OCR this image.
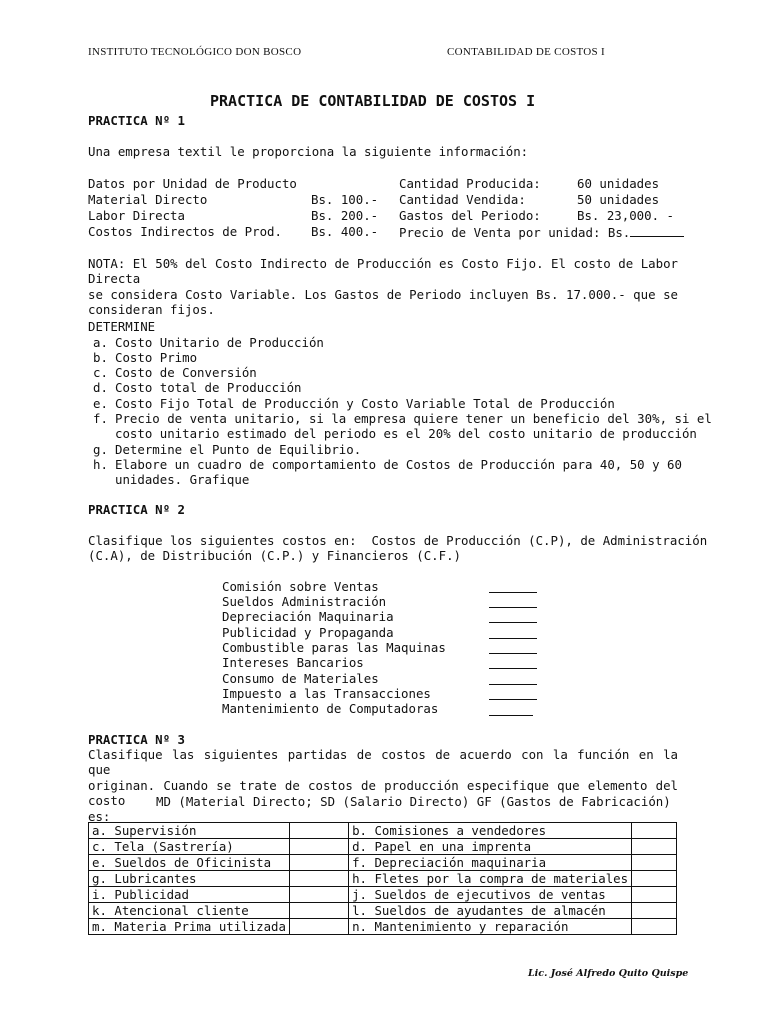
INSTITUTO TECNOLÓGICO DON BOSCO	CONTABILIDAD DE COSTOS I
PRACTICA DE CONTABILIDAD DE COSTOS I
PRACTICA Nº 1
Una empresa textil le proporciona la siguiente información:
Datos por Unidad de Producto	Cantidad Producida:	60 unidades
Material Directo	Bs. 100.- Cantidad Vendida:	50 unidades
Labor Directa	Bs. 200.- Gastos del Periodo:	Bs. 23,000. -
Costos Indirectos de Prod. Bs. 400.- Precio de Venta por unidad: Bs.
NOTA: El 50% del Costo Indirecto de Producción es Costo Fijo. El costo de Labor Directa
se considera Costo Variable. Los Gastos de Periodo incluyen Bs. 17.000.- que se
consideran fijos.
DETERMINE
a. Costo Unitario de Producción
b. Costo Primo
c. Costo de Conversión
d. Costo total de Producción
e. Costo Fijo Total de Producción y Costo Variable Total de Producción
f. Precio de venta unitario, si la empresa quiere tener un beneficio del 30%, si el
costo unitario estimado del periodo es el 20% del costo unitario de producción
g. Determine el Punto de Equilibrio.
h. Elabore un cuadro de comportamiento de Costos de Producción para 40, 50 y 60
unidades. Grafique
PRACTICA Nº 2
Clasifique los siguientes costos en:  Costos de Producción (C.P), de Administración
(C.A), de Distribución (C.P.) y Financieros (C.F.)
Comisión sobre Ventas
Sueldos Administración
Depreciación Maquinaria
Publicidad y Propaganda
Combustible paras las Maquinas
Intereses Bancarios
Consumo de Materiales
Impuesto a las Transacciones
Mantenimiento de Computadoras
PRACTICA Nº 3
Clasifique las siguientes partidas de costos de acuerdo con la función en la que
originan. Cuando se trate de costos de producción especifique que elemento del costo
es:
MD (Material Directo; SD (Salario Directo) GF (Gastos de Fabricación)
a. Supervisión		b. Comisiones a vendedores	
c. Tela (Sastrería)		d. Papel en una imprenta	
e. Sueldos de Oficinista		f. Depreciación maquinaria	
g. Lubricantes		h. Fletes por la compra de materiales	
i. Publicidad		j. Sueldos de ejecutivos de ventas	
k. Atencional cliente		l. Sueldos de ayudantes de almacén	
m. Materia Prima utilizada		n. Mantenimiento y reparación	
Lic. José Alfredo Quito Quispe
